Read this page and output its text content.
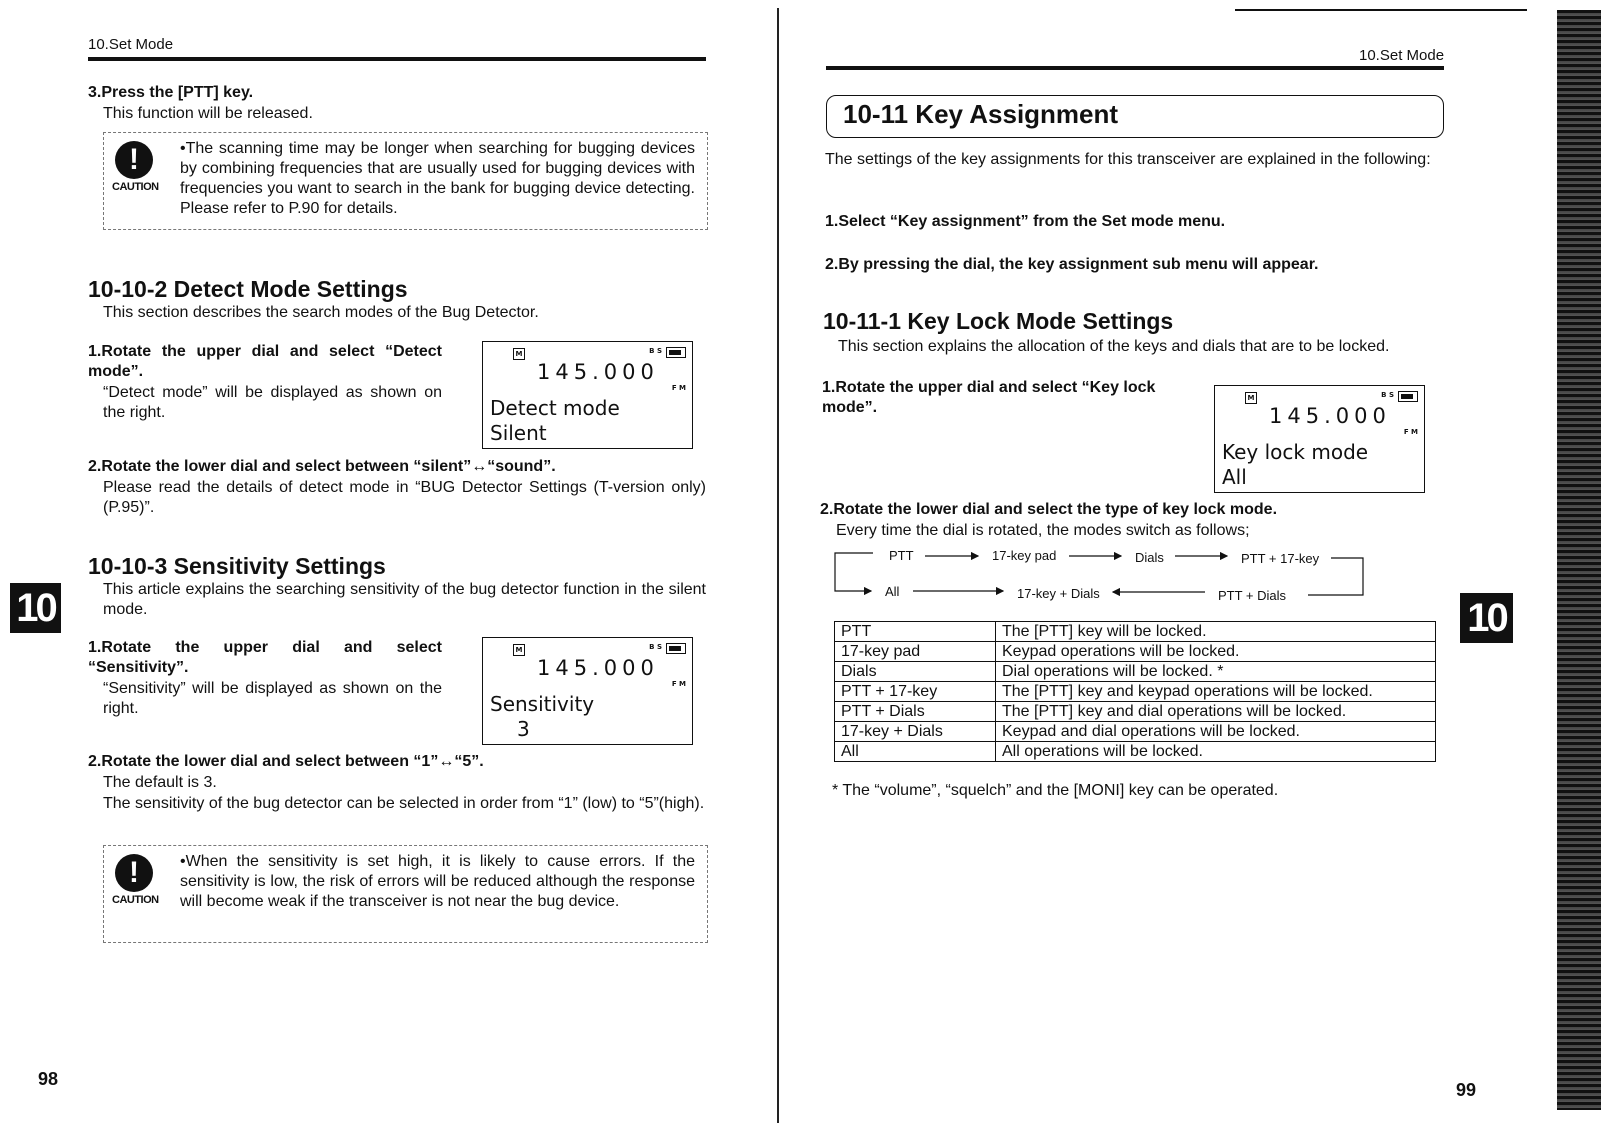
10.Set Mode
3.Press the [PTT] key.
This function will be released.
!
CAUTION
•The scanning time may be longer when searching for bugging devices by combining frequencies that are usually used for bugging devices with frequencies you want to search in the bank for bugging device detecting. Please refer to P.90 for details.
10-10-2 Detect Mode Settings
This section describes the search modes of the Bug Detector.
1.Rotate the upper dial and select “Detect mode”.
“Detect mode” will be displayed as shown on the right.
M	B S
145.000
F M
Detect mode
Silent
2.Rotate the lower dial and select between “silent”↔“sound”.
Please read the details of detect mode in “BUG Detector Settings (T-version only) (P.95)”.
10-10-3 Sensitivity Settings
This article explains the searching sensitivity of the bug detector function in the silent mode.
10
1.Rotate the upper dial and select “Sensitivity”.
“Sensitivity” will be displayed as shown on the right.
M	B S
145.000
F M
Sensitivity
3
2.Rotate the lower dial and select between “1”↔“5”.
The default is 3.
The sensitivity of the bug detector can be selected in order from “1” (low) to “5”(high).
!
CAUTION
•When the sensitivity is set high, it is likely to cause errors. If the sensitivity is low, the risk of errors will be reduced although the response will become weak if the transceiver is not near the bug device.
98
10.Set Mode
10-11 Key Assignment
The settings of the key assignments for this transceiver are explained in the following:
1.Select “Key assignment” from the Set mode menu.
2.By pressing the dial, the key assignment sub menu will appear.
10-11-1 Key Lock Mode Settings
This section explains the allocation of the keys and dials that are to be locked.
1.Rotate the upper dial and select “Key lock mode”.
M	B S
145.000
F M
Key lock mode
All
2.Rotate the lower dial and select the type of key lock mode.
Every time the dial is rotated, the modes switch as follows;
PTT	17-key pad	Dials	PTT + 17-key
All	17-key + Dials	PTT + Dials
PTT	The [PTT] key will be locked.
17-key pad	Keypad operations will be locked.
Dials	Dial operations will be locked. *
PTT + 17-key	The [PTT] key and keypad operations will be locked.
PTT + Dials	The [PTT] key and dial operations will be locked.
17-key + Dials	Keypad and dial operations will be locked.
All	All operations will be locked.
* The “volume”, “squelch” and the [MONI] key can be operated.
10
99
